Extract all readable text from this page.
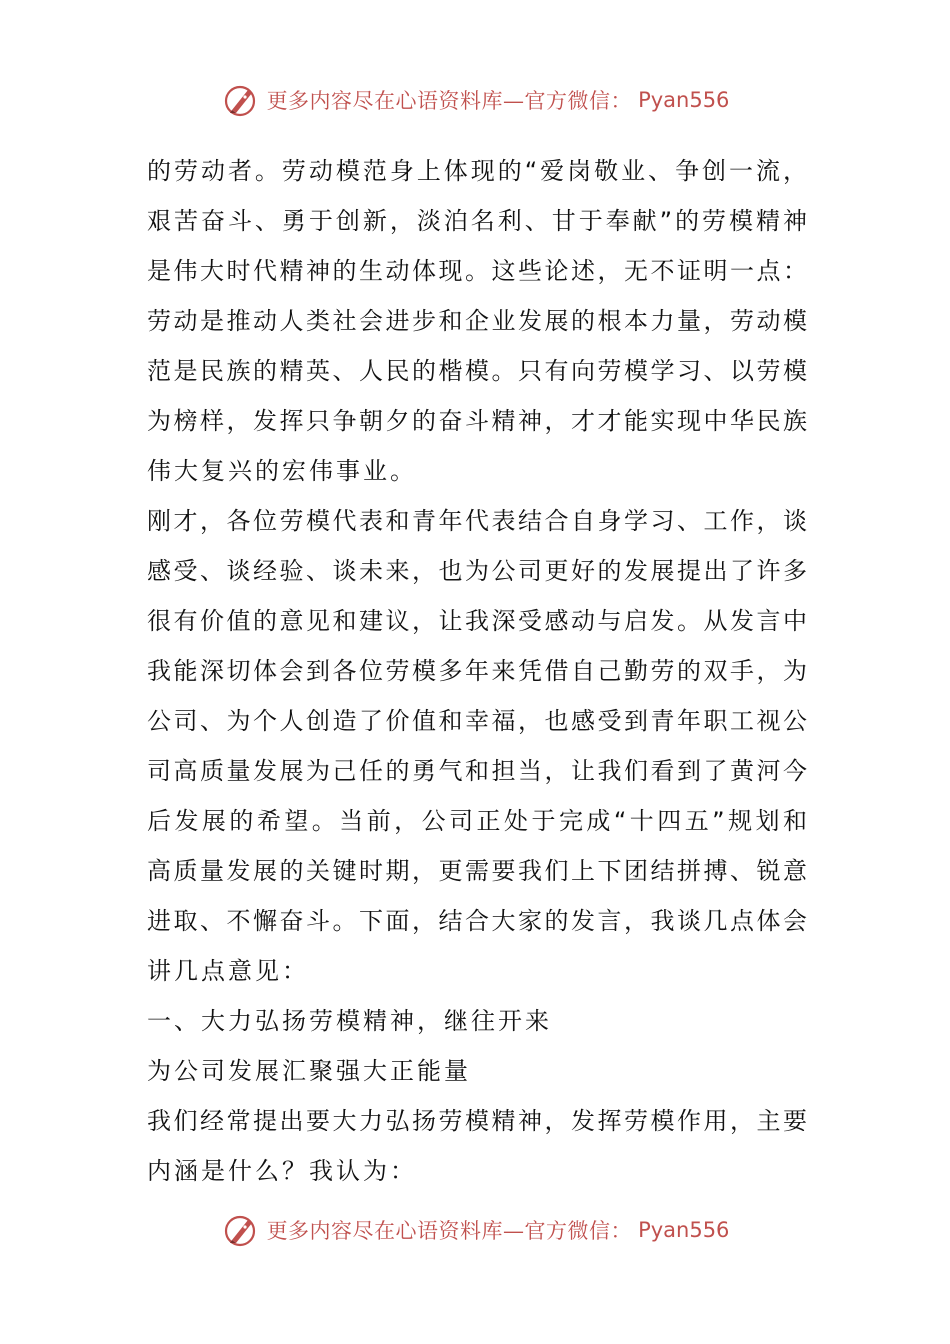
更多内容尽在心语资料库—官方微信： Pyan556
的劳动者。劳动模范身上体现的“爱岗敬业、争创一流，
艰苦奋斗、勇于创新，淡泊名利、甘于奉献”的劳模精神
是伟大时代精神的生动体现。这些论述，无不证明一点：
劳动是推动人类社会进步和企业发展的根本力量，劳动模
范是民族的精英、人民的楷模。只有向劳模学习、以劳模
为榜样，发挥只争朝夕的奋斗精神，才才能实现中华民族
伟大复兴的宏伟事业。
刚才，各位劳模代表和青年代表结合自身学习、工作，谈
感受、谈经验、谈未来，也为公司更好的发展提出了许多
很有价值的意见和建议，让我深受感动与启发。从发言中
我能深切体会到各位劳模多年来凭借自己勤劳的双手，为
公司、为个人创造了价值和幸福，也感受到青年职工视公
司高质量发展为己任的勇气和担当，让我们看到了黄河今
后发展的希望。当前，公司正处于完成“十四五”规划和
高质量发展的关键时期，更需要我们上下团结拼搏、锐意
进取、不懈奋斗。下面，结合大家的发言，我谈几点体会
讲几点意见：
一、大力弘扬劳模精神，继往开来
为公司发展汇聚强大正能量
我们经常提出要大力弘扬劳模精神，发挥劳模作用，主要
内涵是什么？我认为：
更多内容尽在心语资料库—官方微信： Pyan556
